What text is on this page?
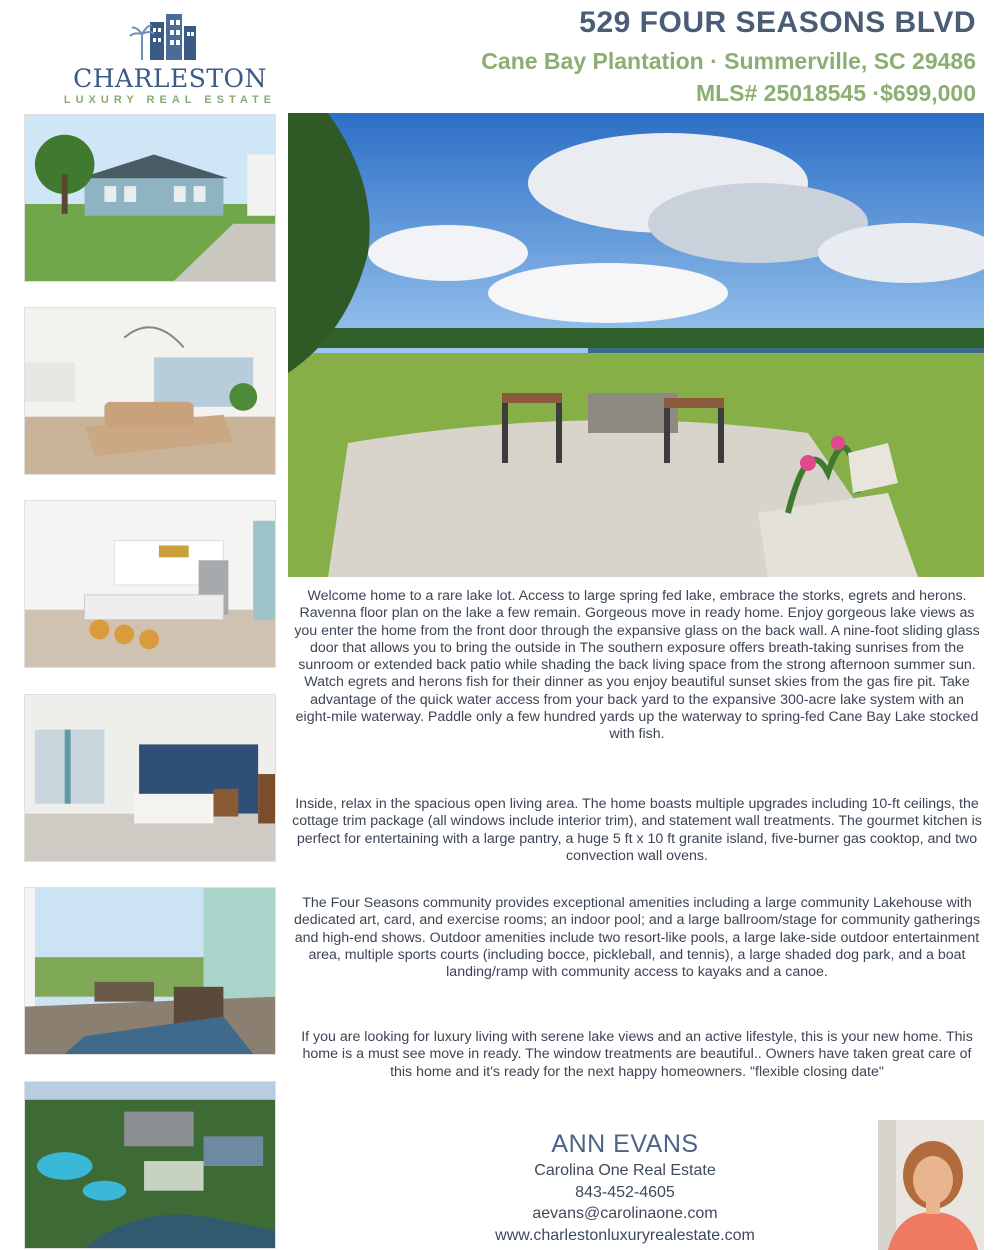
CHARLESTON
LUXURY REAL ESTATE
529 FOUR SEASONS BLVD
Cane Bay Plantation · Summerville, SC 29486
MLS# 25018545 ·$699,000

Welcome home to a rare lake lot. Access to large spring fed lake, embrace the storks, egrets and herons. Ravenna floor plan on the lake a few remain. Gorgeous move in ready home. Enjoy gorgeous lake views as you enter the home from the front door through the expansive glass on the back wall. A nine-foot sliding glass door that allows you to bring the outside in The southern exposure offers breath-taking sunrises from the sunroom or extended back patio while shading the back living space from the strong afternoon summer sun. Watch egrets and herons fish for their dinner as you enjoy beautiful sunset skies from the gas fire pit. Take advantage of the quick water access from your back yard to the expansive 300-acre lake system with an eight-mile waterway. Paddle only a few hundred yards up the waterway to spring-fed Cane Bay Lake stocked with fish.

Inside, relax in the spacious open living area. The home boasts multiple upgrades including 10-ft ceilings, the cottage trim package (all windows include interior trim), and statement wall treatments. The gourmet kitchen is perfect for entertaining with a large pantry, a huge 5 ft x 10 ft granite island, five-burner gas cooktop, and two convection wall ovens.

The Four Seasons community provides exceptional amenities including a large community Lakehouse with dedicated art, card, and exercise rooms; an indoor pool; and a large ballroom/stage for community gatherings and high-end shows. Outdoor amenities include two resort-like pools, a large lake-side outdoor entertainment area, multiple sports courts (including bocce, pickleball, and tennis), a large shaded dog park, and a boat landing/ramp with community access to kayaks and a canoe.

If you are looking for luxury living with serene lake views and an active lifestyle, this is your new home. This home is a must see move in ready. The window treatments are beautiful.. Owners have taken great care of this home and it's ready for the next happy homeowners. "flexible closing date"

ANN EVANS
Carolina One Real Estate
843-452-4605
aevans@carolinaone.com
www.charlestonluxuryrealestate.com
